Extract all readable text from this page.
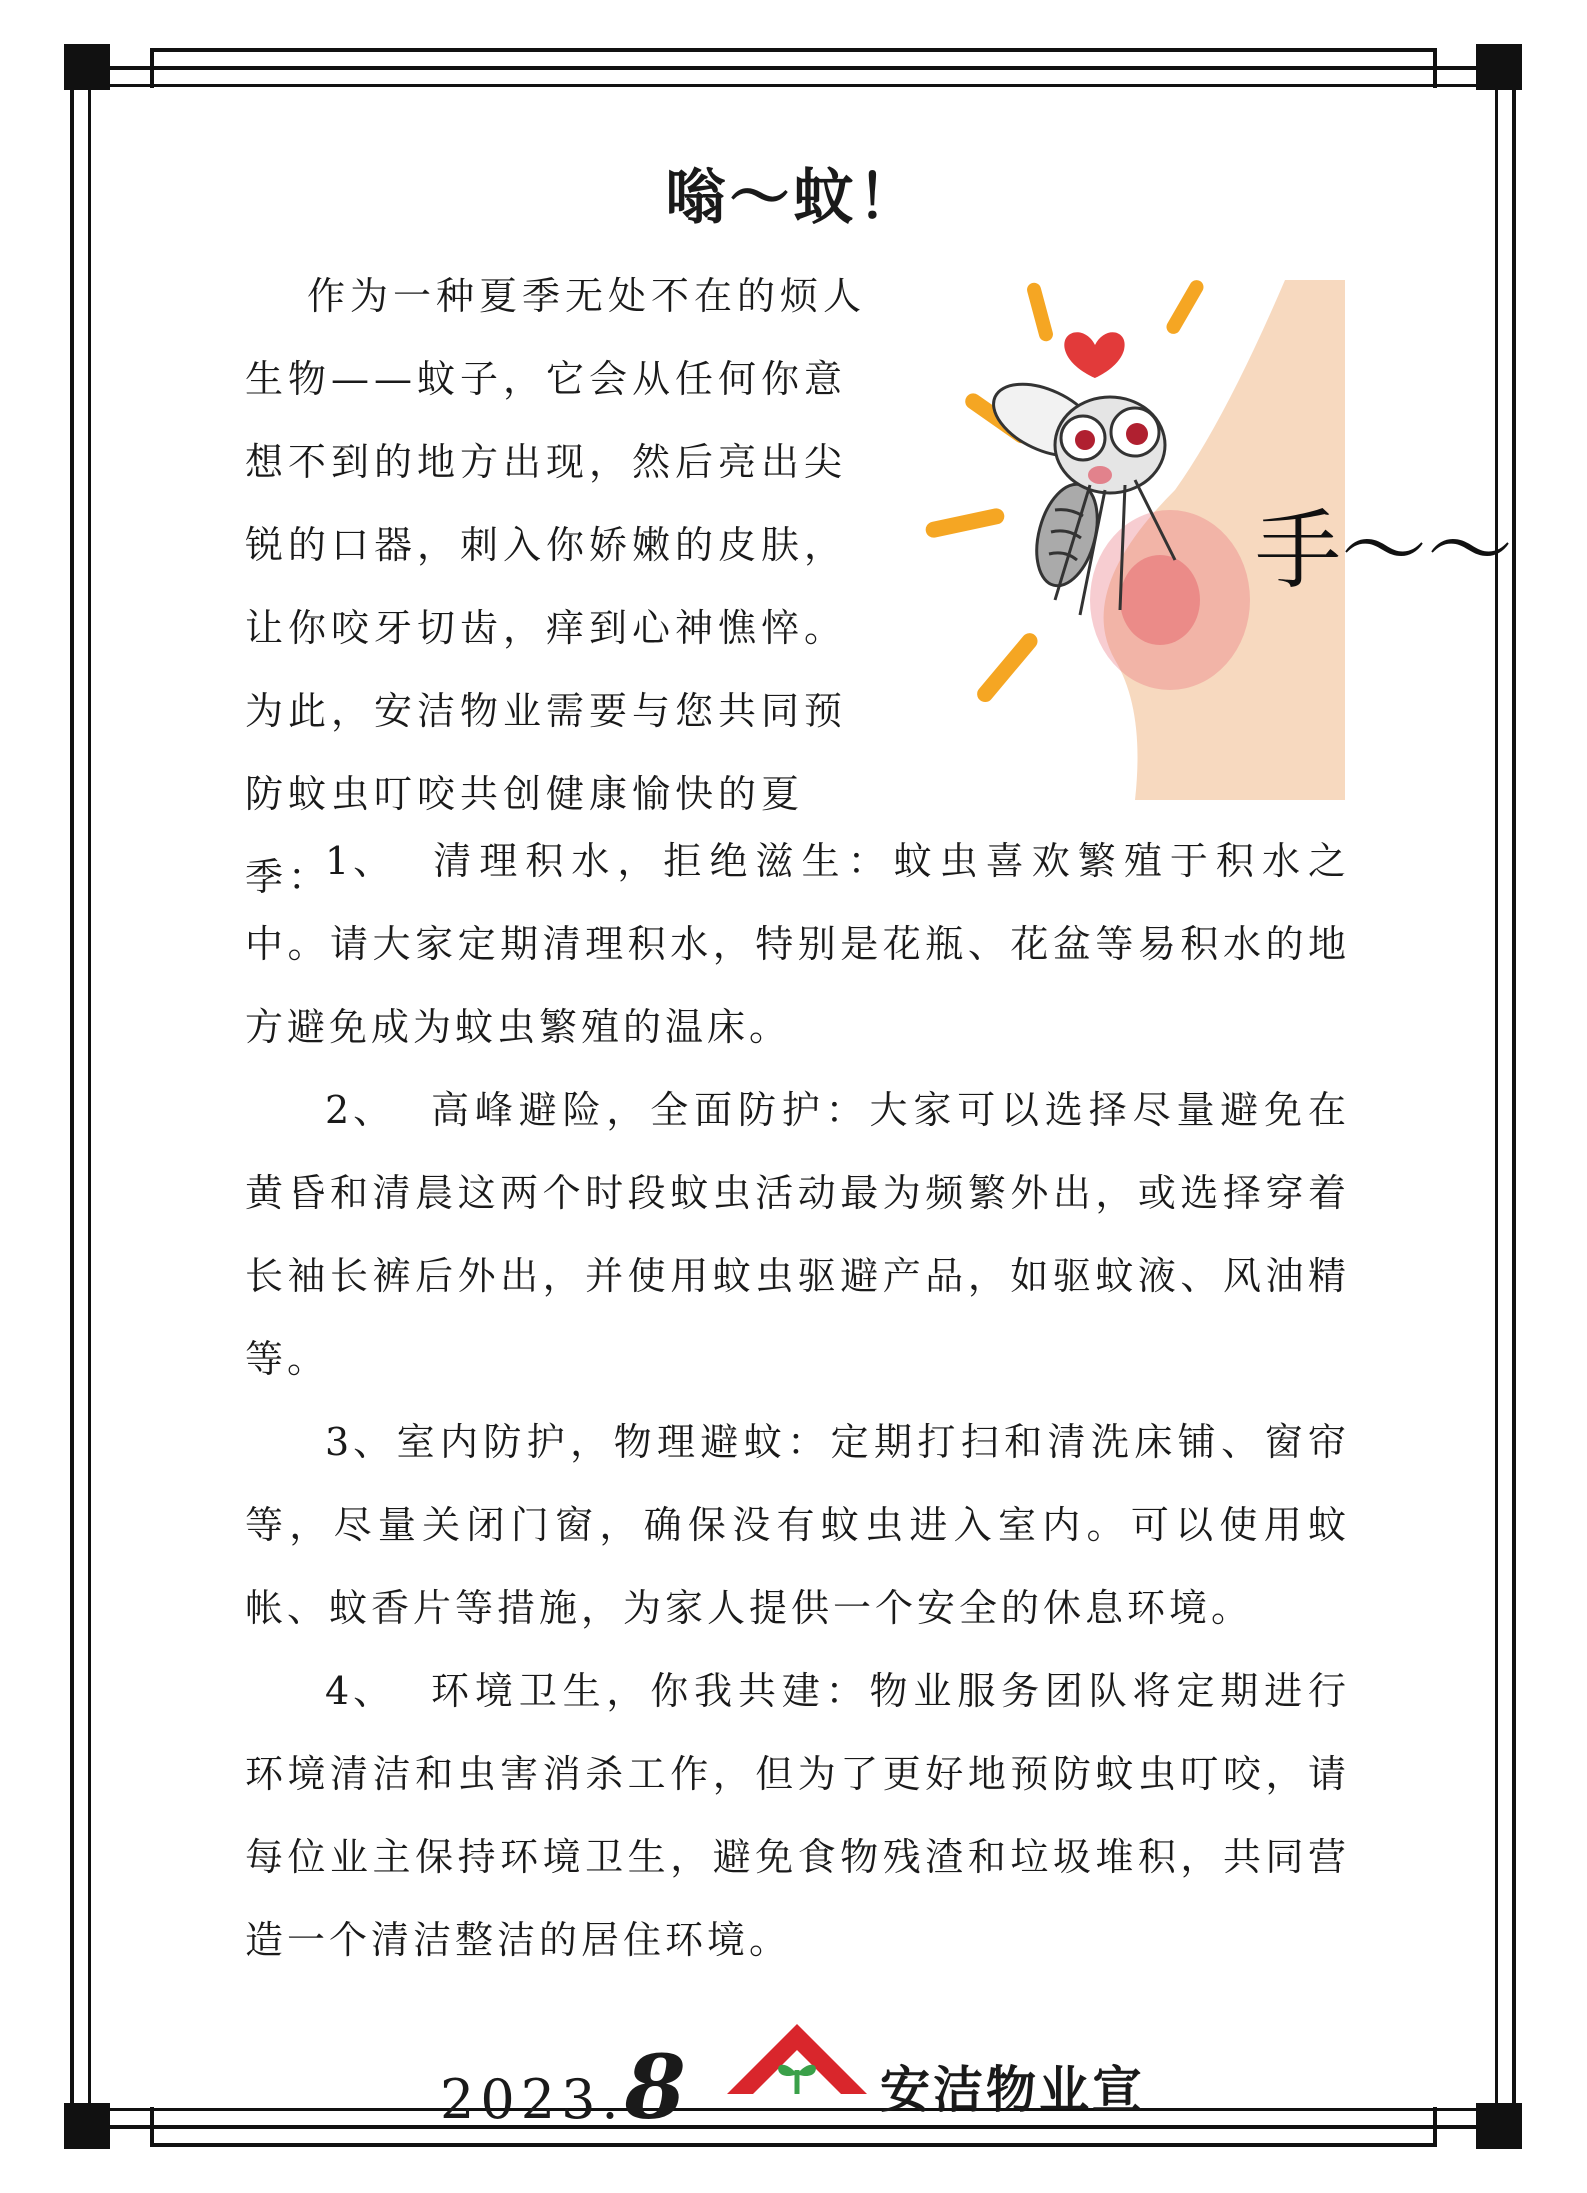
嗡～蚊！

作为一种夏季无处不在的烦人生物——蚊子，它会从任何你意想不到的地方出现，然后亮出尖锐的口器，刺入你娇嫩的皮肤，让你咬牙切齿，痒到心神憔悴。为此，安洁物业需要与您共同预防蚊虫叮咬共创健康愉快的夏季：

手～～

1、 清理积水，拒绝滋生：蚊虫喜欢繁殖于积水之中。请大家定期清理积水，特别是花瓶、花盆等易积水的地方避免成为蚊虫繁殖的温床。

2、 高峰避险，全面防护：大家可以选择尽量避免在黄昏和清晨这两个时段蚊虫活动最为频繁外出，或选择穿着长袖长裤后外出，并使用蚊虫驱避产品，如驱蚊液、风油精等。

3、室内防护，物理避蚊：定期打扫和清洗床铺、窗帘等，尽量关闭门窗，确保没有蚊虫进入室内。可以使用蚊帐、蚊香片等措施，为家人提供一个安全的休息环境。

4、 环境卫生，你我共建：物业服务团队将定期进行环境清洁和虫害消杀工作，但为了更好地预防蚊虫叮咬，请每位业主保持环境卫生，避免食物残渣和垃圾堆积，共同营造一个清洁整洁的居住环境。

2023.8	安洁物业宣
